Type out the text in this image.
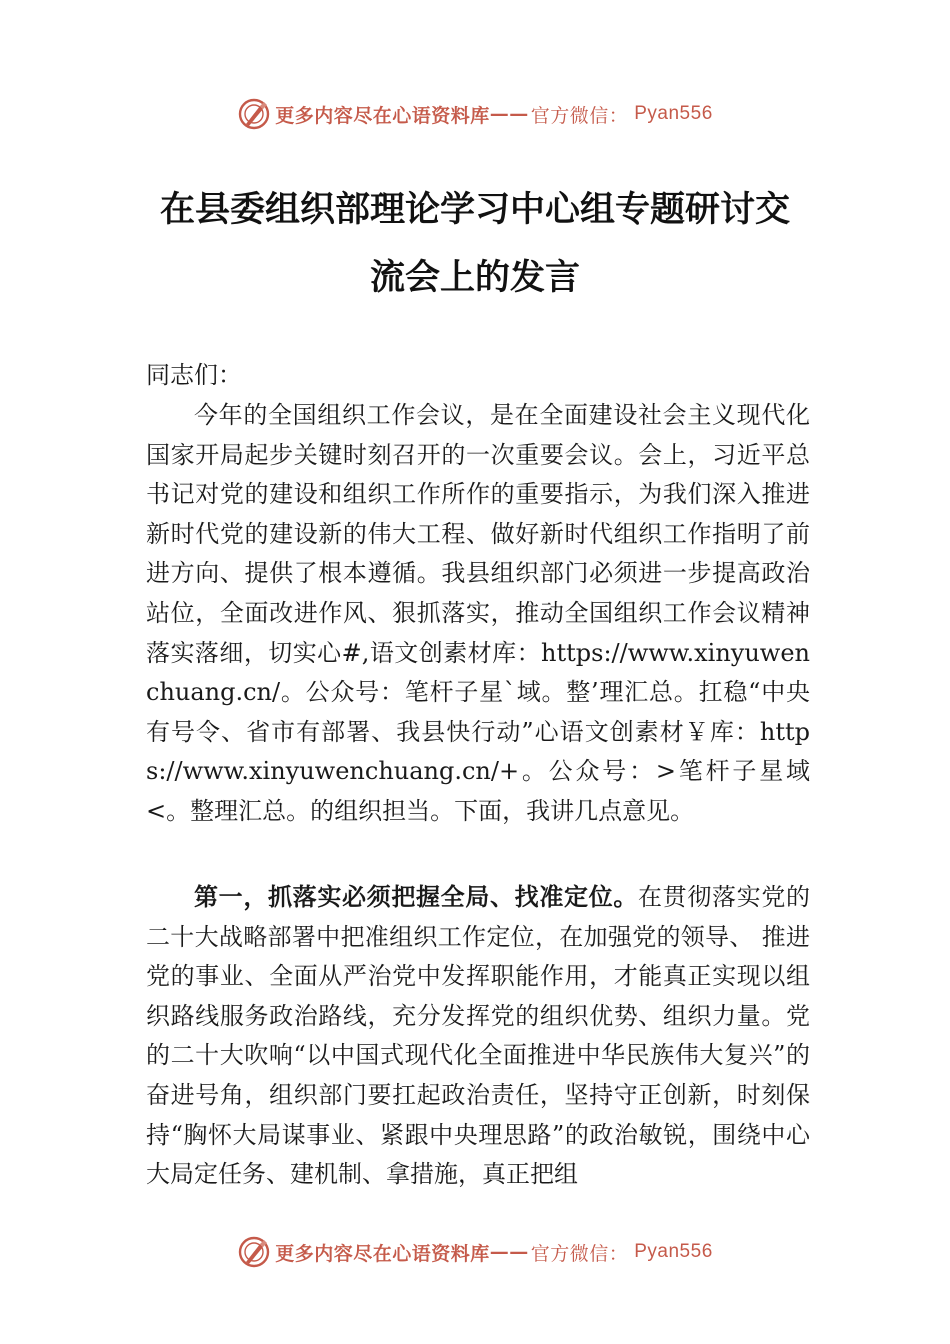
更多内容尽在心语资料库 —— 官方微信： Pyan556
在县委组织部理论学习中心组专题研讨交
流会上的发言
同志们：
今年的全国组织工作会议，是在全面建设社会主义现代化国家开局起步关键时刻召开的一次重要会议。会上，习近平总书记对党的建设和组织工作所作的重要指示，为我们深入推进新时代党的建设新的伟大工程、做好新时代组织工作指明了前进方向、提供了根本遵循。我县组织部门必须进一步提高政治站位，全面改进作风、狠抓落实，推动全国组织工作会议精神落实落细，切实心#,语文创素材库：https://www.xinyuwenchuang.cn/。公众号：笔杆子星`域。整’理汇总。扛稳“中央有号令、省市有部署、我县快行动”心语文创素材￥库：https://www.xinyuwenchuang.cn/+。公众号：>笔杆子星域<。整理汇总。的组织担当。下面，我讲几点意见。
第一，抓落实必须把握全局、找准定位。在贯彻落实党的二十大战略部署中把准组织工作定位，在加强党的领导、 推进党的事业、全面从严治党中发挥职能作用，才能真正实现以组织路线服务政治路线，充分发挥党的组织优势、组织力量。党的二十大吹响“以中国式现代化全面推进中华民族伟大复兴”的奋进号角，组织部门要扛起政治责任，坚持守正创新，时刻保持“胸怀大局谋事业、紧跟中央理思路”的政治敏锐，围绕中心大局定任务、建机制、拿措施，真正把组
更多内容尽在心语资料库 —— 官方微信： Pyan556
